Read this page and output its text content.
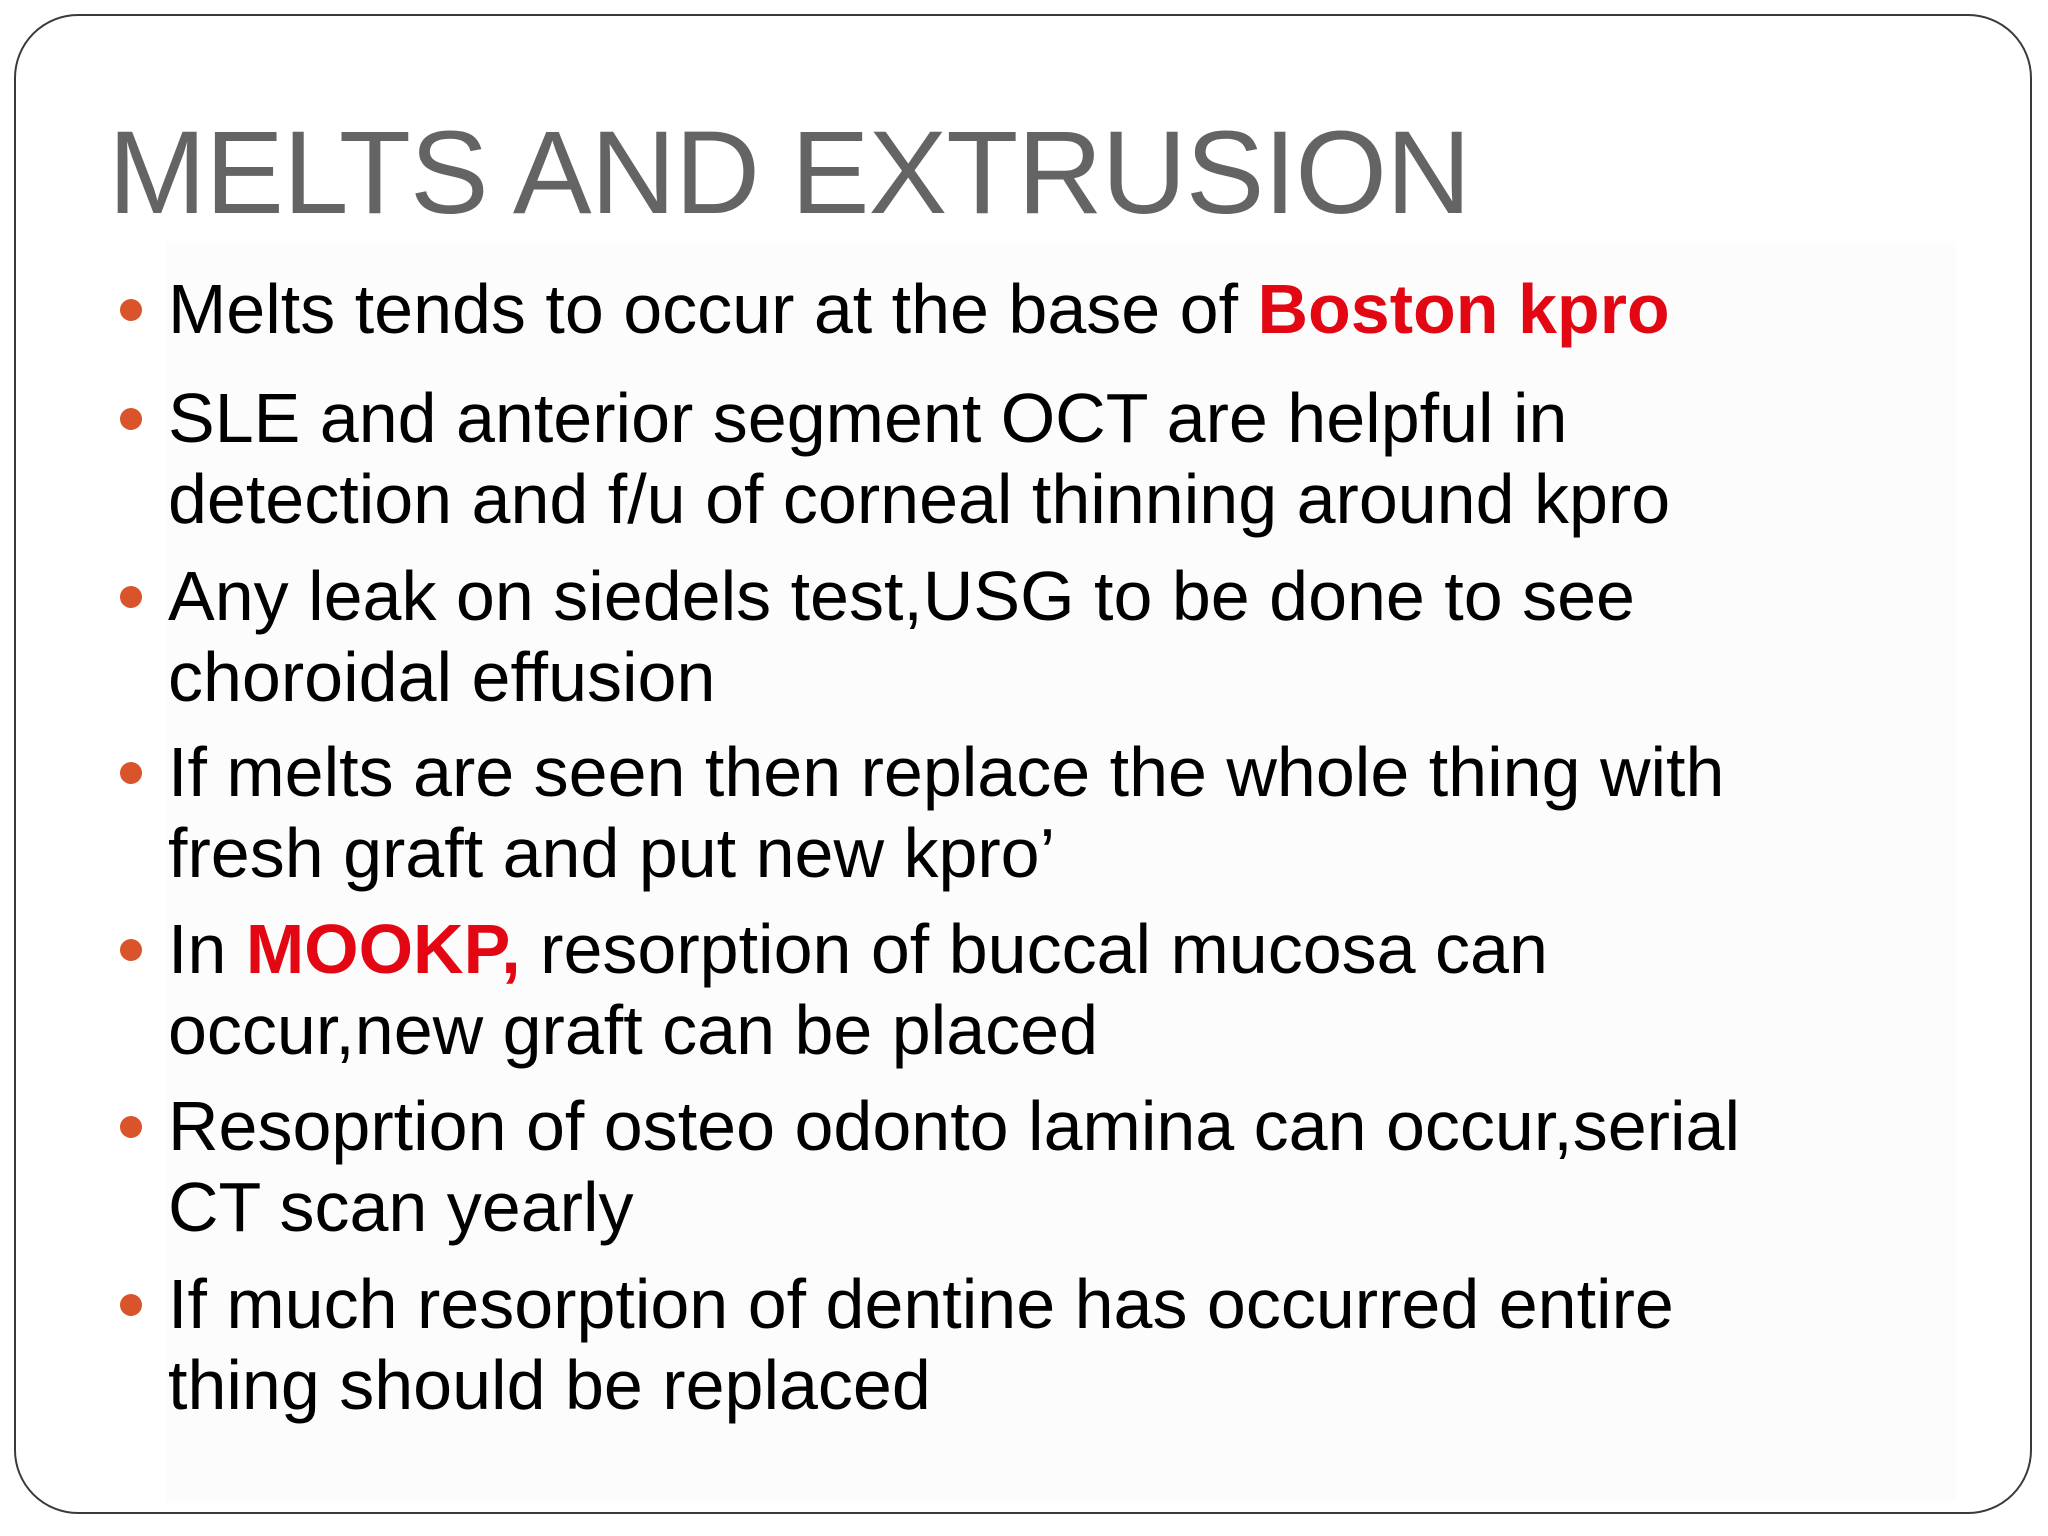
MELTS AND EXTRUSION
Melts tends to occur at the base of Boston kpro
SLE and anterior segment OCT are helpful in
detection and f/u of corneal thinning around kpro
Any leak on siedels test,USG to be done to see
choroidal effusion
If melts are seen then replace the whole thing with
fresh graft and put new kpro’
In MOOKP, resorption of buccal mucosa can
occur,new graft can be placed
Resoprtion of osteo odonto lamina can occur,serial
CT scan yearly
If much resorption of dentine has occurred entire
thing should be replaced
